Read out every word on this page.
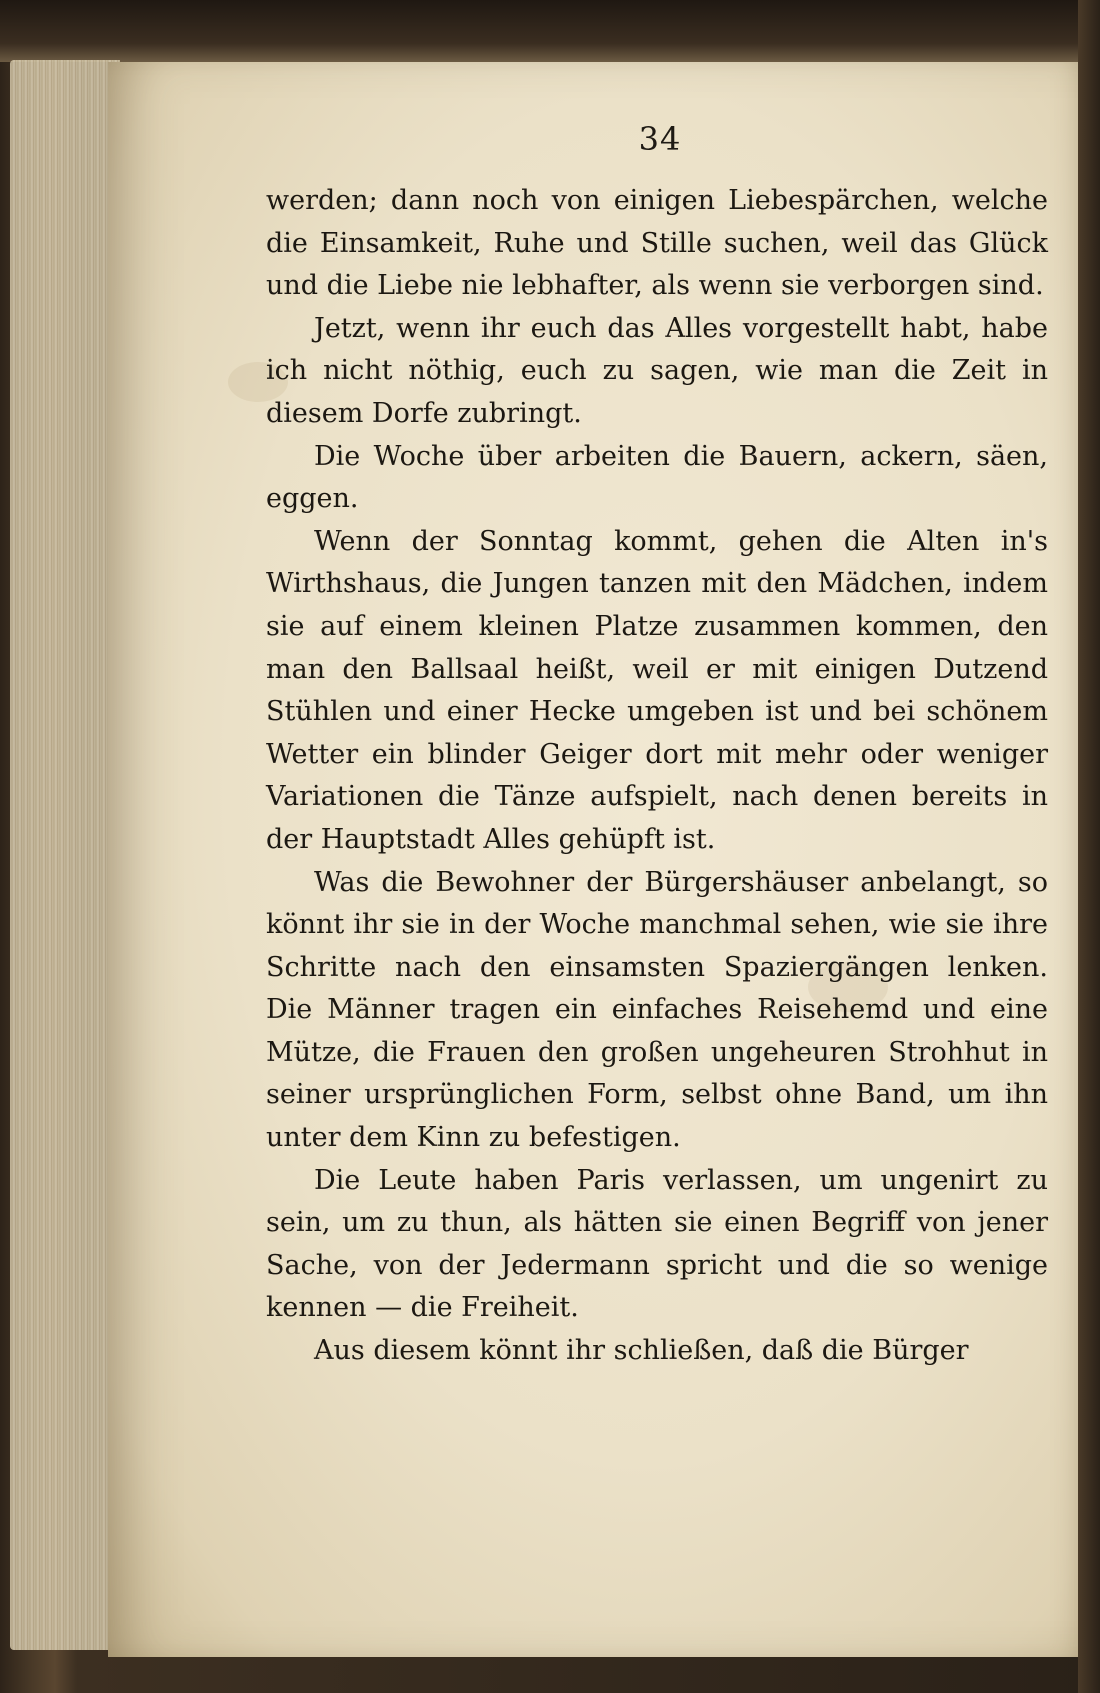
34

werden; dann noch von einigen Liebespärchen, welche die Einsamkeit, Ruhe und Stille suchen, weil das Glück und die Liebe nie lebhafter, als wenn sie verborgen sind.

Jetzt, wenn ihr euch das Alles vorgestellt habt, habe ich nicht nöthig, euch zu sagen, wie man die Zeit in diesem Dorfe zubringt.

Die Woche über arbeiten die Bauern, ackern, säen, eggen.

Wenn der Sonntag kommt, gehen die Alten in's Wirthshaus, die Jungen tanzen mit den Mädchen, indem sie auf einem kleinen Platze zusammen kommen, den man den Ballsaal heißt, weil er mit einigen Dutzend Stühlen und einer Hecke umgeben ist und bei schönem Wetter ein blinder Geiger dort mit mehr oder weniger Variationen die Tänze aufspielt, nach denen bereits in der Hauptstadt Alles gehüpft ist.

Was die Bewohner der Bürgershäuser anbelangt, so könnt ihr sie in der Woche manchmal sehen, wie sie ihre Schritte nach den einsamsten Spaziergängen lenken. Die Männer tragen ein einfaches Reisehemd und eine Mütze, die Frauen den großen ungeheuren Strohhut in seiner ursprünglichen Form, selbst ohne Band, um ihn unter dem Kinn zu befestigen.

Die Leute haben Paris verlassen, um ungenirt zu sein, um zu thun, als hätten sie einen Begriff von jener Sache, von der Jedermann spricht und die so wenige kennen — die Freiheit.

Aus diesem könnt ihr schließen, daß die Bürger
